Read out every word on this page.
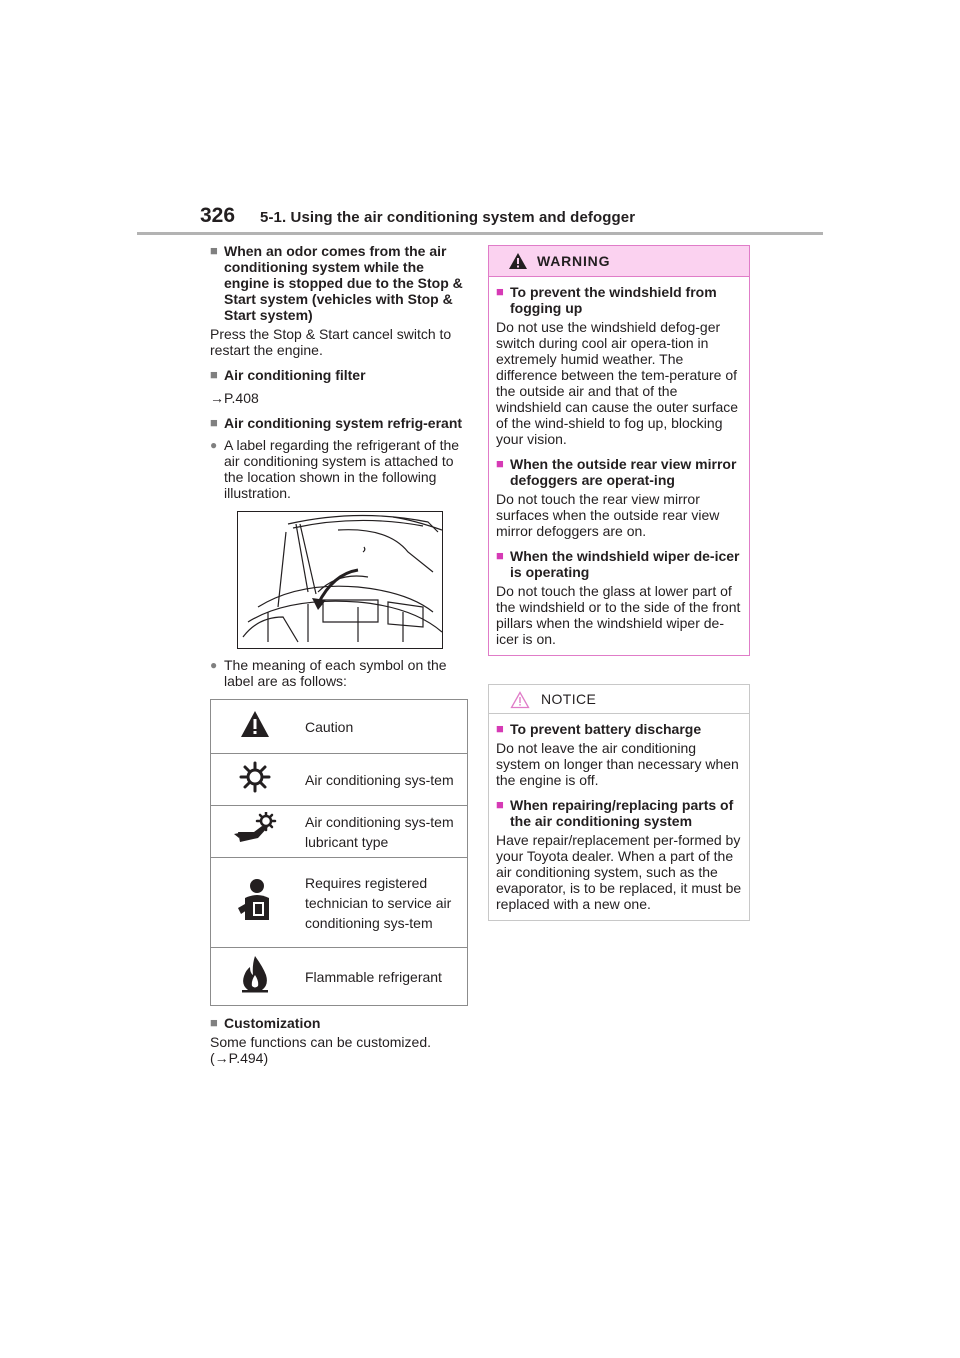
326 5-1. Using the air conditioning system and defogger

■ When an odor comes from the air conditioning system while the engine is stopped due to the Stop & Start system (vehicles with Stop & Start system)

Press the Stop & Start cancel switch to restart the engine.

■ Air conditioning filter

→P.408

■ Air conditioning system refrig-erant

● A label regarding the refrigerant of the air conditioning system is attached to the location shown in the following illustration.

● The meaning of each symbol on the label are as follows:

	Caution
	Air conditioning sys-tem
	Air conditioning sys-tem lubricant type
	Requires registered technician to service air conditioning sys-tem
	Flammable refrigerant

■ Customization

Some functions can be customized. (→P.494)

WARNING

■ To prevent the windshield from fogging up

Do not use the windshield defog-ger switch during cool air opera-tion in extremely humid weather. The difference between the tem-perature of the outside air and that of the windshield can cause the outer surface of the wind-shield to fog up, blocking your vision.

■ When the outside rear view mirror defoggers are operat-ing

Do not touch the rear view mirror surfaces when the outside rear view mirror defoggers are on.

■ When the windshield wiper de-icer is operating

Do not touch the glass at lower part of the windshield or to the side of the front pillars when the windshield wiper de-icer is on.

NOTICE

■ To prevent battery discharge

Do not leave the air conditioning system on longer than necessary when the engine is off.

■ When repairing/replacing parts of the air conditioning system

Have repair/replacement per-formed by your Toyota dealer. When a part of the air conditioning system, such as the evaporator, is to be replaced, it must be replaced with a new one.
